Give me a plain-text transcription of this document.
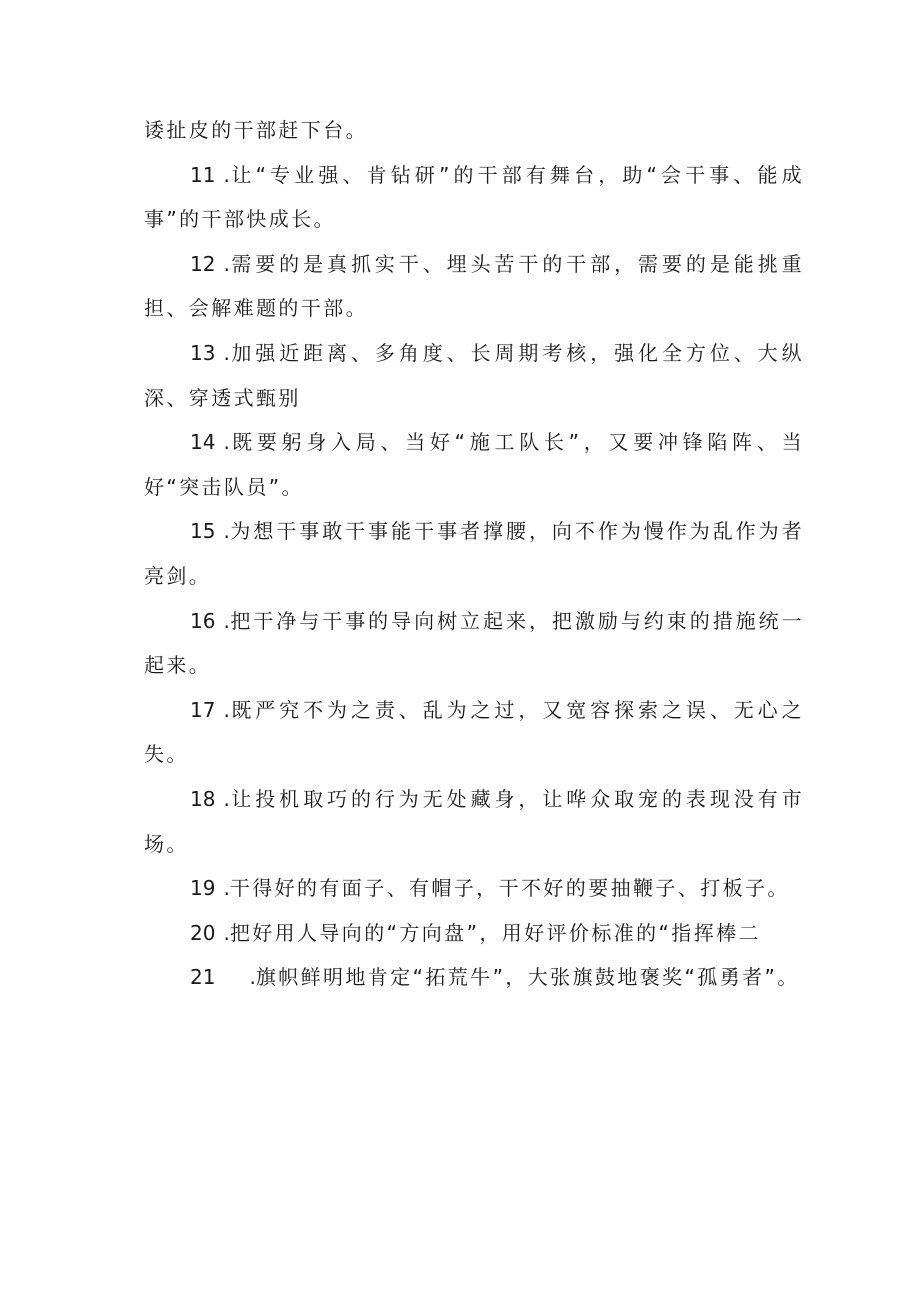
诿扯皮的干部赶下台。

11 .让“专业强、肯钻研”的干部有舞台，助“会干事、能成事”的干部快成长。

12 .需要的是真抓实干、埋头苦干的干部，需要的是能挑重担、会解难题的干部。

13 .加强近距离、多角度、长周期考核，强化全方位、大纵深、穿透式甄别

14 .既要躬身入局、当好“施工队长”，又要冲锋陷阵、当好“突击队员”。

15 .为想干事敢干事能干事者撑腰，向不作为慢作为乱作为者亮剑。

16 .把干净与干事的导向树立起来，把激励与约束的措施统一起来。

17 .既严究不为之责、乱为之过，又宽容探索之误、无心之失。

18 .让投机取巧的行为无处藏身，让哗众取宠的表现没有市场。

19 .干得好的有面子、有帽子，干不好的要抽鞭子、打板子。

20 .把好用人导向的“方向盘”，用好评价标准的“指挥棒二

21 .旗帜鲜明地肯定“拓荒牛”，大张旗鼓地褒奖“孤勇者”。
